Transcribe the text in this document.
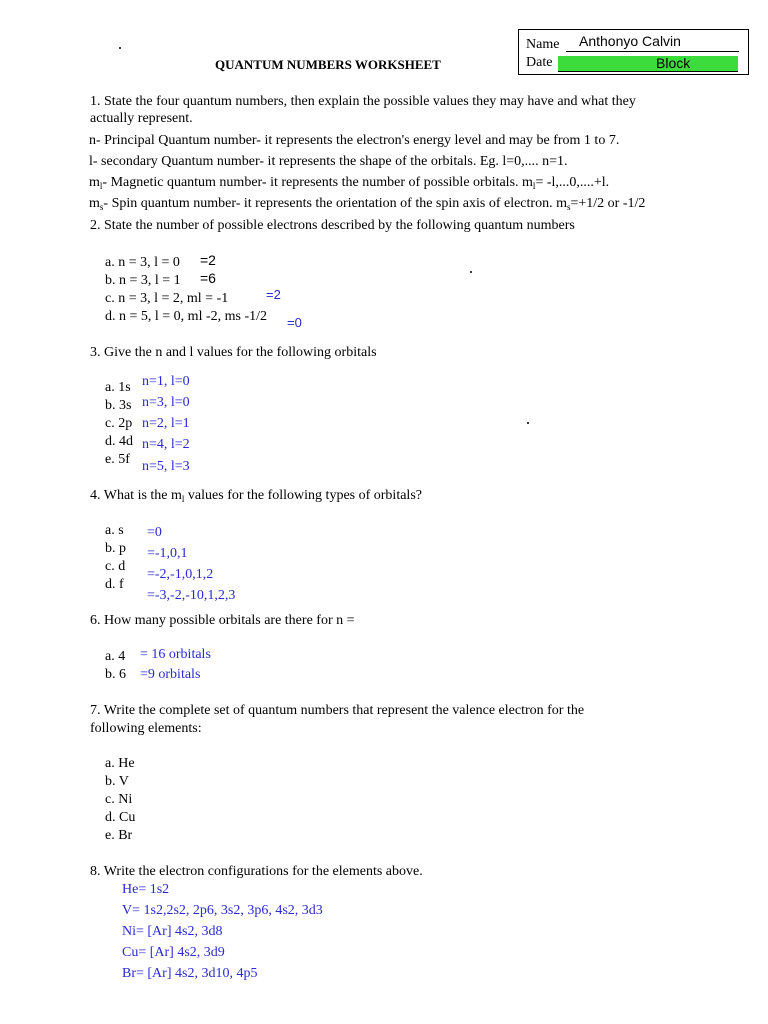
Name Anthonyo Calvin
Date	Block
QUANTUM NUMBERS WORKSHEET
1. State the four quantum numbers, then explain the possible values they may have and what they
actually represent.
n- Principal Quantum number- it represents the electron's energy level and may be from 1 to 7.
l- secondary Quantum number- it represents the shape of the orbitals. Eg. l=0,.... n=1.
$m_l-$ Magnetic quantum number- it represents the number of possible orbitals. $m_l= -l,...0,....+l$.
$m_s-$ Spin quantum number- it represents the orientation of the spin axis of electron. $m_s=+1/2$ or -1/2
2. State the number of possible electrons described by the following quantum numbers
a. n = 3, l = 0 =2
b. n = 3, l = 1 =6
c. n = 3, l = 2, ml = -1	=2
d. n = 5, l = 0, ml -2, ms -1/2 =0
3. Give the n and l values for the following orbitals
a. 1s n=1, l=0
b. 3s n=3, l=0
c. 2p n=2, l=1
d. 4d n=4, l=2
e. 5f n=5, l=3
4. What is the $m_l$ values for the following types of orbitals?
a. s =0
b. p =-1,0,1
c. d
=-2,-1,0,1,2
d. f
=-3,-2,-10,1,2,3
6. How many possible orbitals are there for n =
a. 4 = 16 orbitals
b. 6 =9 orbitals
7. Write the complete set of quantum numbers that represent the valence electron for the
following elements:
a. He
b. V
c. Ni
d. Cu
e. Br
8. Write the electron configurations for the elements above.
He= 1s2
V= 1s2,2s2, 2p6, 3s2, 3p6, 4s2, 3d3
Ni= [Ar] 4s2, 3d8
Cu= [Ar] 4s2, 3d9
Br= [Ar] 4s2, 3d10, 4p5
